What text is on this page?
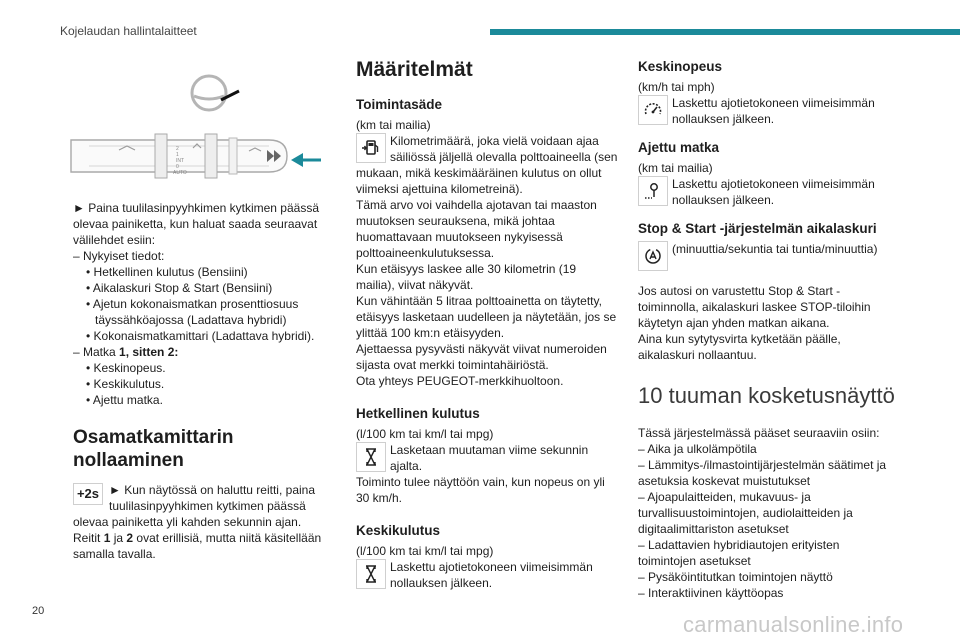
Kojelaudan hallintalaitteet
2
1
INT
0
AUTO

► Paina tuulilasinpyyhkimen kytkimen päässä olevaa painiketta, kun haluat saada seuraavat välilehdet esiin:

– Nykyiset tiedot:

• Hetkellinen kulutus (Bensiini)

• Aikalaskuri Stop & Start (Bensiini)

• Ajetun kokonaismatkan prosenttiosuus

täyssähköajossa (Ladattava hybridi)

• Kokonaismatkamittari (Ladattava hybridi).

– Matka 1, sitten 2:

• Keskinopeus.

• Keskikulutus.

• Ajettu matka.

Osamatkamittarin
nollaaminen
+2s ► Kun näytössä on haluttu reitti, paina tuulilasinpyyhkimen kytkimen päässä olevaa painiketta yli kahden sekunnin ajan.

Reitit 1 ja 2 ovat erillisiä, mutta niitä käsitellään samalla tavalla.

Määritelmät
Toimintasäde

(km tai mailia)

Kilometrimäärä, joka vielä voidaan ajaa säiliössä jäljellä olevalla polttoaineella (sen mukaan, mikä keskimääräinen kulutus on ollut viimeksi ajettuina kilometreinä).

Tämä arvo voi vaihdella ajotavan tai maaston muutoksen seurauksena, mikä johtaa huomattavaan muutokseen nykyisessä polttoaineenkulutuksessa.

Kun etäisyys laskee alle 30 kilometrin (19 mailia), viivat näkyvät.

Kun vähintään 5 litraa polttoainetta on täytetty, etäisyys lasketaan uudelleen ja näytetään, jos se ylittää 100 km:n etäisyyden.

Ajettaessa pysyvästi näkyvät viivat numeroiden sijasta ovat merkki toimintahäiriöstä.

Ota yhteys PEUGEOT-merkkihuoltoon.

Hetkellinen kulutus

(l/100 km tai km/l tai mpg)

Lasketaan muutaman viime sekunnin ajalta.

Toiminto tulee näyttöön vain, kun nopeus on yli 30 km/h.

Keskikulutus

(l/100 km tai km/l tai mpg)

Laskettu ajotietokoneen viimeisimmän nollauksen jälkeen.

Keskinopeus

(km/h tai mph)

Laskettu ajotietokoneen viimeisimmän nollauksen jälkeen.

Ajettu matka

(km tai mailia)

Laskettu ajotietokoneen viimeisimmän nollauksen jälkeen.

Stop & Start -järjestelmän aikalaskuri

(minuuttia/sekuntia tai tuntia/minuuttia)

Jos autosi on varustettu Stop & Start -toiminnolla, aikalaskuri laskee STOP-tiloihin käytetyn ajan yhden matkan aikana.

Aina kun sytytysvirta kytketään päälle, aikalaskuri nollaantuu.

10 tuuman kosketusnäyttö

Tässä järjestelmässä pääset seuraaviin osiin:

– Aika ja ulkolämpötila

– Lämmitys-/ilmastointijärjestelmän säätimet ja asetuksia koskevat muistutukset

– Ajoapulaitteiden, mukavuus- ja turvallisuustoimintojen, audiolaitteiden ja digitaalimittariston asetukset

– Ladattavien hybridiautojen erityisten toimintojen asetukset

– Pysäköintitutkan toimintojen näyttö

– Interaktiivinen käyttöopas

20
carmanualsonline.info
